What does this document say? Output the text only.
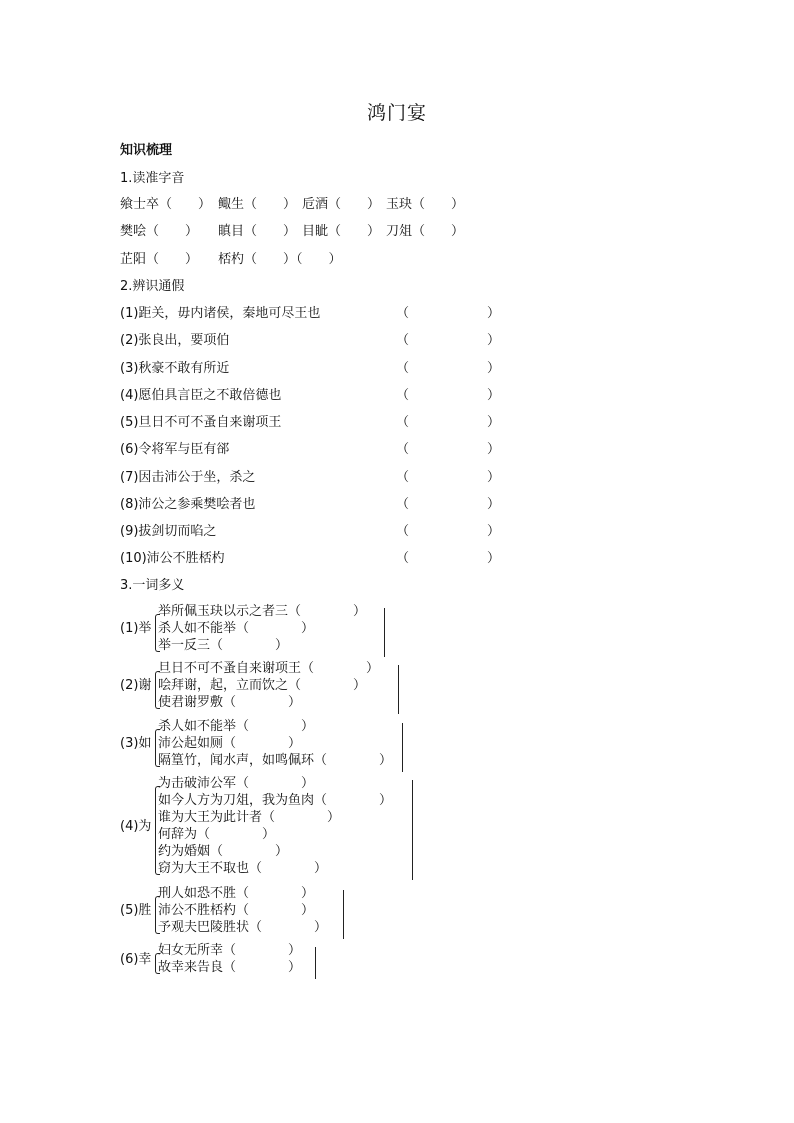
鸿门宴
知识梳理
1.读准字音
飨士卒（　　） 鲰生（　　） 卮酒（　　） 玉玦（　　）
樊哙（　　） 瞋目（　　） 目眦（　　） 刀俎（　　）
芷阳（　　） 桮杓（　　）（　　）
2.辨识通假
(1)距关，毋内诸侯，秦地可尽王也	（　　　　　　）
(2)张良出，要项伯	（　　　　　　）
(3)秋豪不敢有所近	（　　　　　　）
(4)愿伯具言臣之不敢倍德也	（　　　　　　）
(5)旦日不可不蚤自来谢项王	（　　　　　　）
(6)令将军与臣有郤	（　　　　　　）
(7)因击沛公于坐，杀之	（　　　　　　）
(8)沛公之参乘樊哙者也	（　　　　　　）
(9)拔剑切而啗之	（　　　　　　）
(10)沛公不胜桮杓	（　　　　　　）
3.一词多义
举所佩玉玦以示之者三（　　　　）
杀人如不能举（　　　　）
举一反三（　　　　）
(1)举
旦日不可不蚤自来谢项王（　　　　）
哙拜谢，起，立而饮之（　　　　）
使君谢罗敷（　　　　）
(2)谢
杀人如不能举（　　　　）
沛公起如厕（　　　　）
隔篁竹，闻水声，如鸣佩环（　　　　）
(3)如
为击破沛公军（　　　　）
如今人方为刀俎，我为鱼肉（　　　　）
谁为大王为此计者（　　　　）
何辞为（　　　　）
约为婚姻（　　　　）
窃为大王不取也（　　　　）
(4)为
刑人如恐不胜（　　　　）
沛公不胜桮杓（　　　　）
予观夫巴陵胜状（　　　　）
(5)胜
妇女无所幸（　　　　）
故幸来告良（　　　　）
(6)幸
